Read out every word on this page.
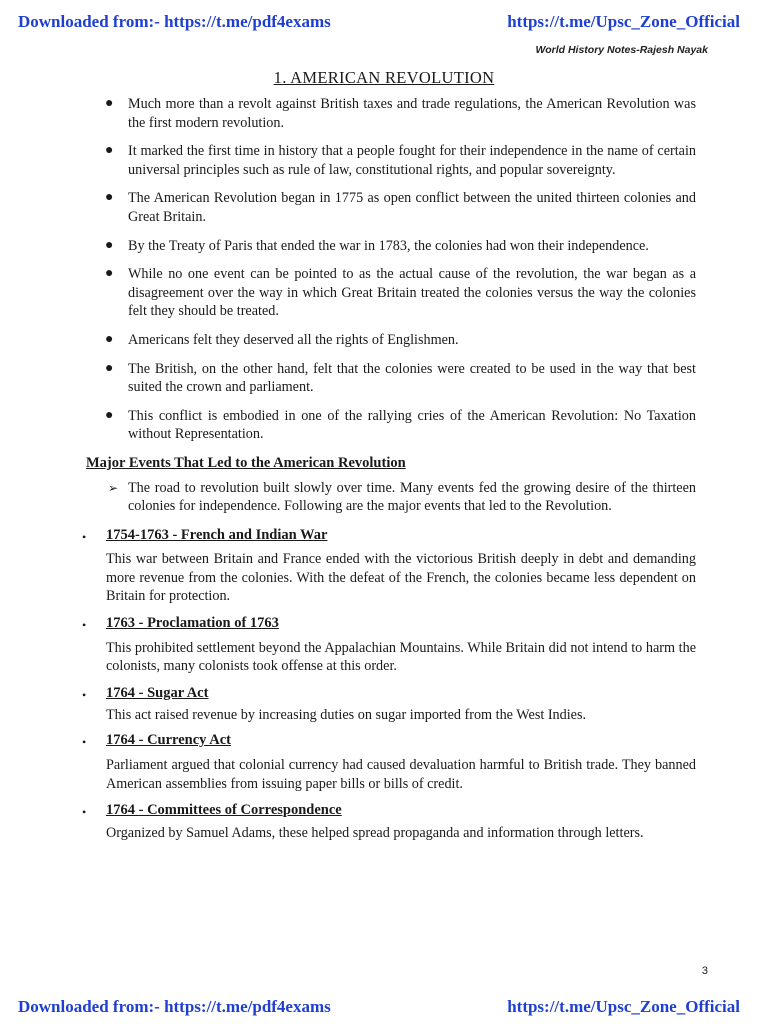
Downloaded from:- https://t.me/pdf4exams	https://t.me/Upsc_Zone_Official
World History Notes-Rajesh Nayak
1. AMERICAN REVOLUTION
● Much more than a revolt against British taxes and trade regulations, the American Revolution was the first modern revolution.
● It marked the first time in history that a people fought for their independence in the name of certain universal principles such as rule of law, constitutional rights, and popular sovereignty.
● The American Revolution began in 1775 as open conflict between the united thirteen colonies and Great Britain.
● By the Treaty of Paris that ended the war in 1783, the colonies had won their independence.
● While no one event can be pointed to as the actual cause of the revolution, the war began as a disagreement over the way in which Great Britain treated the colonies versus the way the colonies felt they should be treated.
● Americans felt they deserved all the rights of Englishmen.
● The British, on the other hand, felt that the colonies were created to be used in the way that best suited the crown and parliament.
● This conflict is embodied in one of the rallying cries of the American Revolution: No Taxation without Representation.
Major Events That Led to the American Revolution
➢ The road to revolution built slowly over time. Many events fed the growing desire of the thirteen colonies for independence. Following are the major events that led to the Revolution.
•	1754-1763 - French and Indian War
This war between Britain and France ended with the victorious British deeply in debt and demanding more revenue from the colonies. With the defeat of the French, the colonies became less dependent on Britain for protection.
•	1763 - Proclamation of 1763
This prohibited settlement beyond the Appalachian Mountains. While Britain did not intend to harm the colonists, many colonists took offense at this order.
•	1764 - Sugar Act
This act raised revenue by increasing duties on sugar imported from the West Indies.
•	1764 - Currency Act
Parliament argued that colonial currency had caused devaluation harmful to British trade. They banned American assemblies from issuing paper bills or bills of credit.
•	1764 - Committees of Correspondence
Organized by Samuel Adams, these helped spread propaganda and information through letters.
3
Downloaded from:- https://t.me/pdf4exams	https://t.me/Upsc_Zone_Official
